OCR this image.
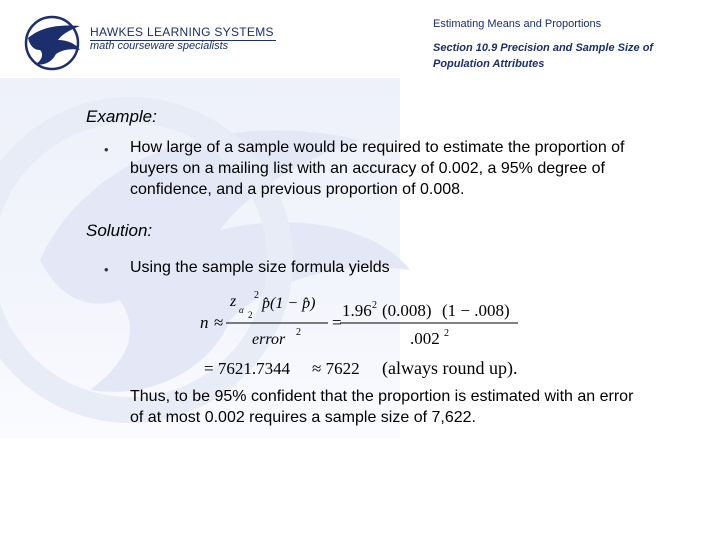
HAWKES LEARNING SYSTEMS
math courseware specialists
Estimating Means and Proportions
Section 10.9 Precision and Sample Size of Population Attributes
Example:
• How large of a sample would be required to estimate the proportion of buyers on a mailing list with an accuracy of 0.002, a 95% degree of confidence, and a previous proportion of 0.008.
Solution:
• Using the sample size formula yields
n ≈
z α 2
2 p̂(1 − p̂)
error 2
=
1.96 2 (0.008) (1 − .008)
.002 2
= 7621.7344 ≈ 7622 (always round up).
Thus, to be 95% confident that the proportion is estimated with an error of at most 0.002 requires a sample size of 7,622.
